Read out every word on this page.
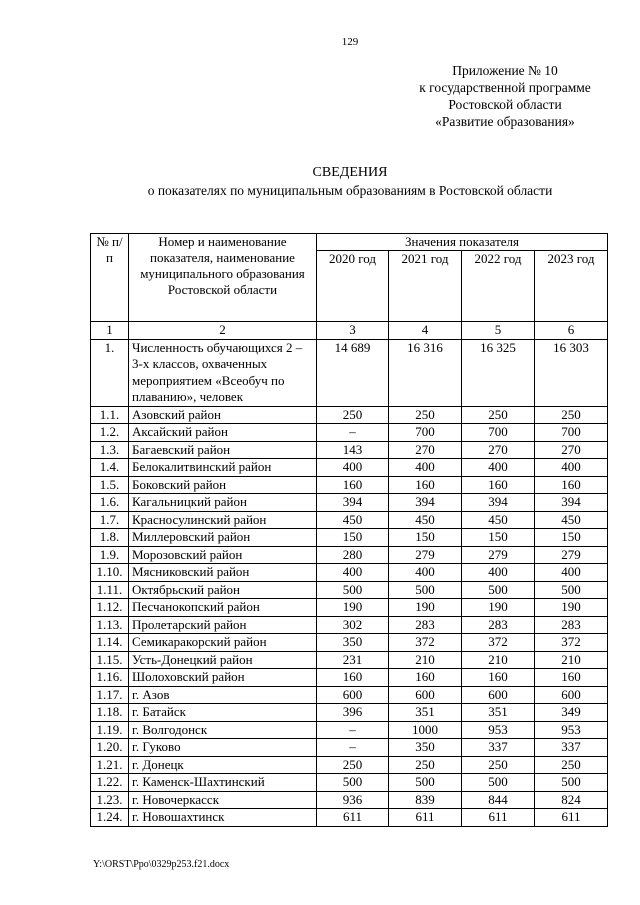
129
Приложение № 10
к государственной программе
Ростовской области
«Развитие образования»
СВЕДЕНИЯ
о показателях по муниципальным образованиям в Ростовской области
№ п/п	Номер и наименование показателя, наименование муниципального образования Ростовской области	Значения показателя			
		2020 год	2021 год	2022 год	2023 год
1	2	3	4	5	6
1.	Численность обучающихся 2 – 3-х классов, охваченных мероприятием «Всеобуч по плаванию», человек	14 689	16 316	16 325	16 303
1.1.	Азовский район	250	250	250	250
1.2.	Аксайский район	–	700	700	700
1.3.	Багаевский район	143	270	270	270
1.4.	Белокалитвинский район	400	400	400	400
1.5.	Боковский район	160	160	160	160
1.6.	Кагальницкий район	394	394	394	394
1.7.	Красносулинский район	450	450	450	450
1.8.	Миллеровский район	150	150	150	150
1.9.	Морозовский район	280	279	279	279
1.10.	Мясниковский район	400	400	400	400
1.11.	Октябрьский район	500	500	500	500
1.12.	Песчанокопский район	190	190	190	190
1.13.	Пролетарский район	302	283	283	283
1.14.	Семикаракорский район	350	372	372	372
1.15.	Усть-Донецкий район	231	210	210	210
1.16.	Шолоховский район	160	160	160	160
1.17.	г. Азов	600	600	600	600
1.18.	г. Батайск	396	351	351	349
1.19.	г. Волгодонск	–	1000	953	953
1.20.	г. Гуково	–	350	337	337
1.21.	г. Донецк	250	250	250	250
1.22.	г. Каменск-Шахтинский	500	500	500	500
1.23.	г. Новочеркасск	936	839	844	824
1.24.	г. Новошахтинск	611	611	611	611
Y:\ORST\Ppo\0329p253.f21.docx
